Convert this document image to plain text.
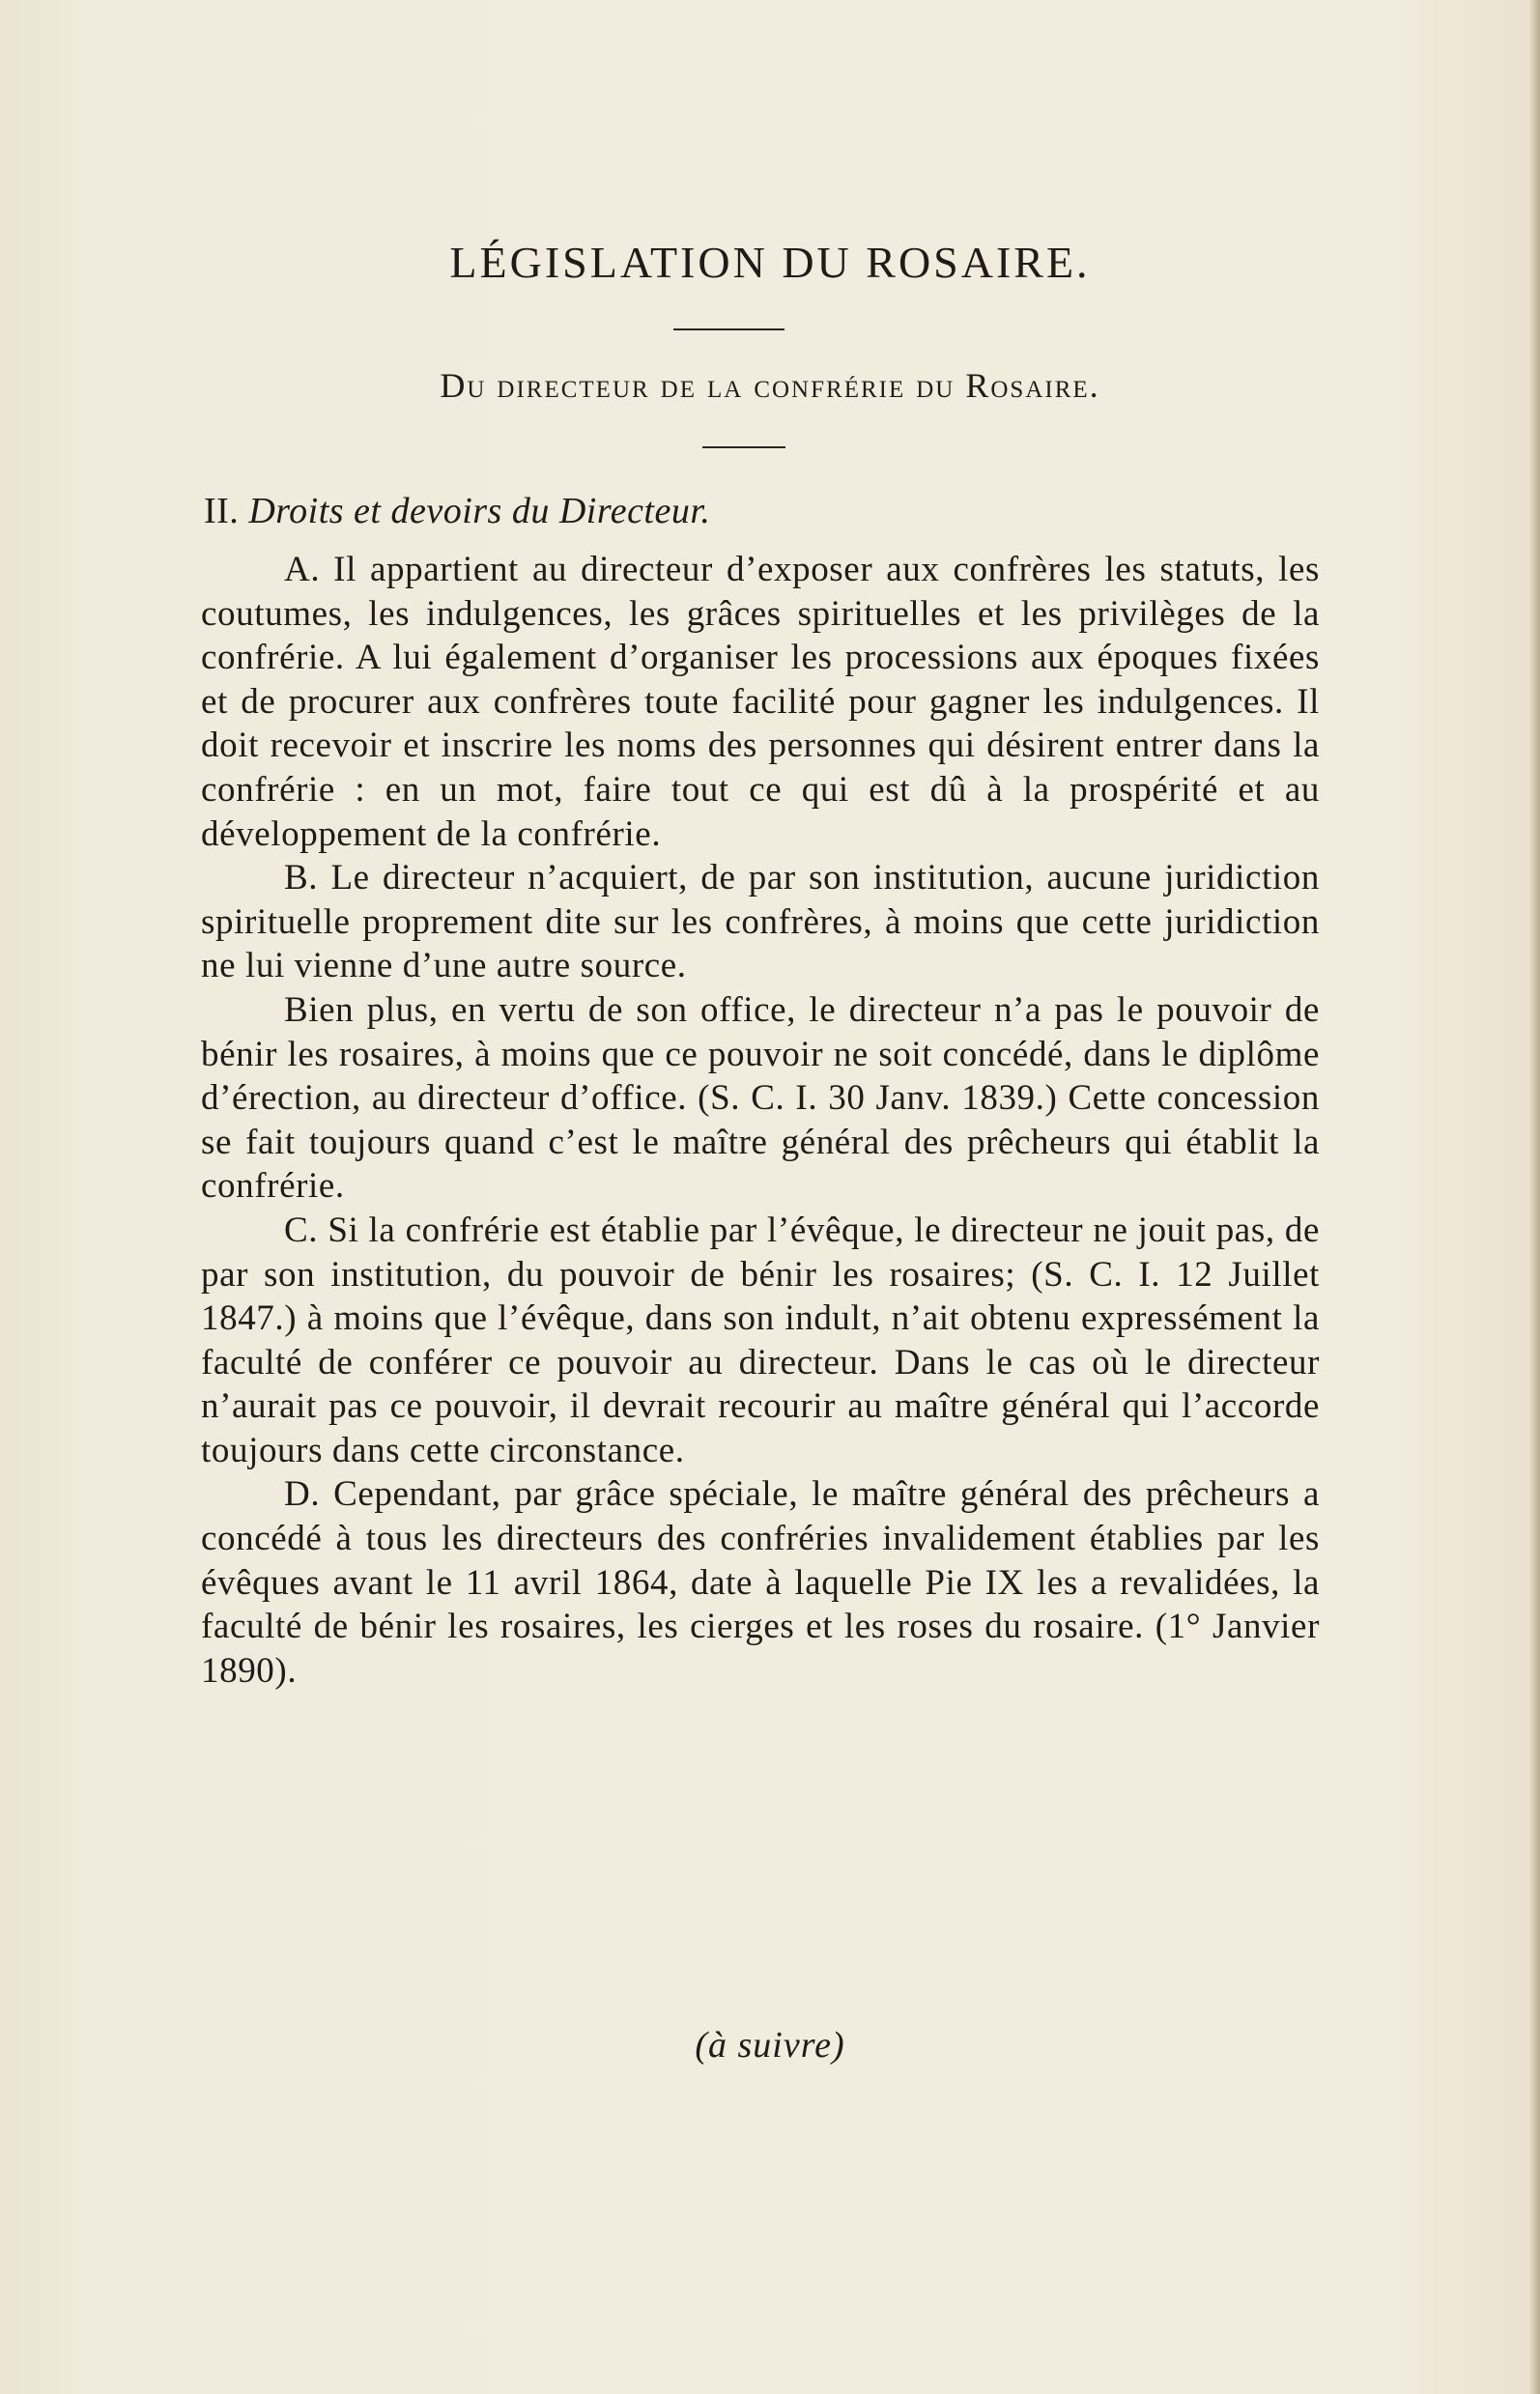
LÉGISLATION DU ROSAIRE.
Du directeur de la confrérie du Rosaire.
II. Droits et devoirs du Directeur.

A. Il appartient au directeur d’exposer aux confrères les statuts, les coutumes, les indulgences, les grâces spirituelles et les privilèges de la confrérie. A lui également d’organiser les processions aux époques fixées et de procurer aux confrères toute facilité pour gagner les indulgences. Il doit recevoir et inscrire les noms des personnes qui désirent entrer dans la confrérie : en un mot, faire tout ce qui est dû à la prospérité et au développement de la confrérie.

B. Le directeur n’acquiert, de par son institution, aucune juridiction spirituelle proprement dite sur les confrères, à moins que cette juridiction ne lui vienne d’une autre source.

Bien plus, en vertu de son office, le directeur n’a pas le pouvoir de bénir les rosaires, à moins que ce pouvoir ne soit concédé, dans le diplôme d’érection, au directeur d’office. (S. C. I. 30 Janv. 1839.) Cette concession se fait toujours quand c’est le maître général des prêcheurs qui établit la confrérie.

C. Si la confrérie est établie par l’évêque, le directeur ne jouit pas, de par son institution, du pouvoir de bénir les rosaires; (S. C. I. 12 Juillet 1847.) à moins que l’évêque, dans son indult, n’ait obtenu expressément la faculté de conférer ce pouvoir au directeur. Dans le cas où le directeur n’aurait pas ce pouvoir, il devrait recourir au maître général qui l’accorde toujours dans cette circonstance.

D. Cependant, par grâce spéciale, le maître général des prêcheurs a concédé à tous les directeurs des confréries invalidement établies par les évêques avant le 11 avril 1864, date à laquelle Pie IX les a revalidées, la faculté de bénir les rosaires, les cierges et les roses du rosaire. (1° Janvier 1890).

(à suivre)
